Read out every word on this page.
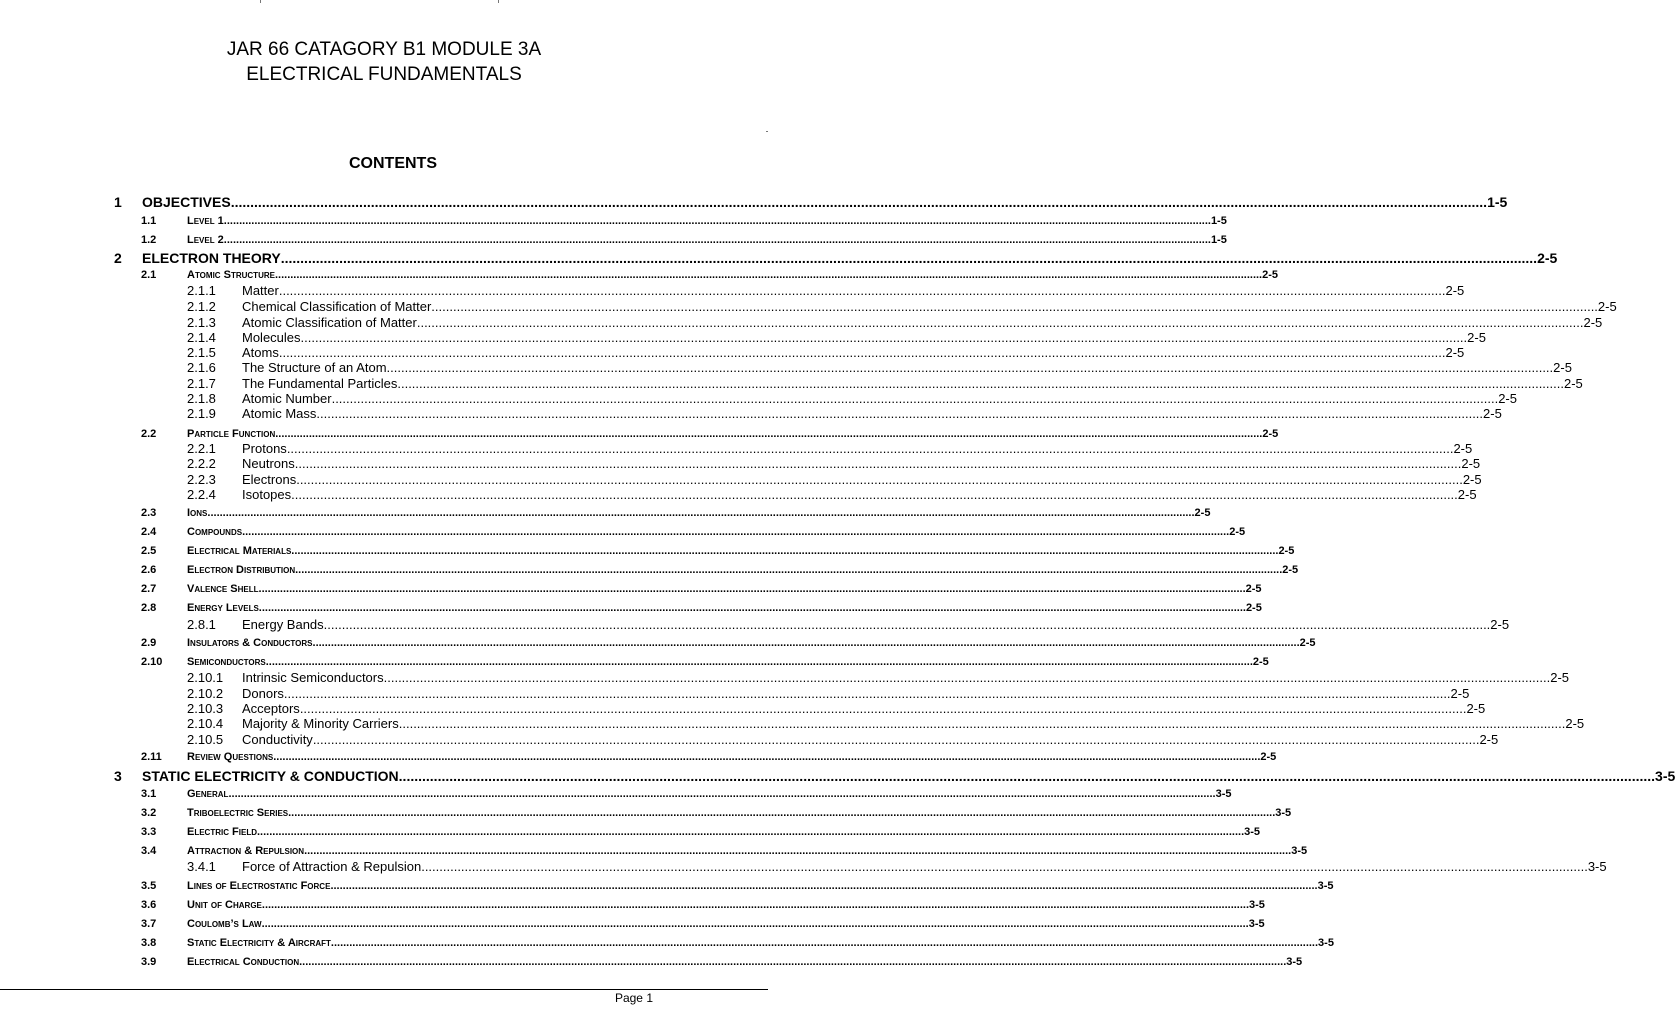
JAR 66 CATAGORY B1 MODULE 3A
ELECTRICAL FUNDAMENTALS
CONTENTS
1 OBJECTIVES .....	1-5
1.1	Level 1 .....	1-5
1.2	Level 2 .....	1-5
2 ELECTRON THEORY .....	2-5
2.1	Atomic Structure .....	2-5
2.1.1 Matter .....	2-5
2.1.2 Chemical Classification of Matter .....	2-5
2.1.3 Atomic Classification of Matter .....	2-5
2.1.4 Molecules .....	2-5
2.1.5 Atoms .....	2-5
2.1.6 The Structure of an Atom .....	2-5
2.1.7 The Fundamental Particles .....	2-5
2.1.8 Atomic Number .....	2-5
2.1.9 Atomic Mass .....	2-5
2.2	Particle Function .....	2-5
2.2.1 Protons .....	2-5
2.2.2 Neutrons .....	2-5
2.2.3 Electrons .....	2-5
2.2.4 Isotopes .....	2-5
2.3	Ions .....	2-5
2.4	Compounds .....	2-5
2.5	Electrical Materials .....	2-5
2.6	Electron Distribution .....	2-5
2.7	Valence Shell .....	2-5
2.8	Energy Levels .....	2-5
2.8.1 Energy Bands .....	2-5
2.9	Insulators & Conductors .....	2-5
2.10 Semiconductors .....	2-5
2.10.1 Intrinsic Semiconductors .....	2-5
2.10.2 Donors .....	2-5
2.10.3 Acceptors .....	2-5
2.10.4 Majority & Minority Carriers .....	2-5
2.10.5 Conductivity .....	2-5
2.11 Review Questions .....	2-5
3 STATIC ELECTRICITY & CONDUCTION .....	3-5
3.1	General .....	3-5
3.2	Triboelectric Series .....	3-5
3.3	Electric Field .....	3-5
3.4	Attraction & Repulsion .....	3-5
3.4.1 Force of Attraction & Repulsion .....	3-5
3.5	Lines of Electrostatic Force .....	3-5
3.6	Unit of Charge .....	3-5
3.7	Coulomb’s Law .....	3-5
3.8	Static Electricity & Aircraft .....	3-5
3.9	Electrical Conduction .....	3-5
Page 1
